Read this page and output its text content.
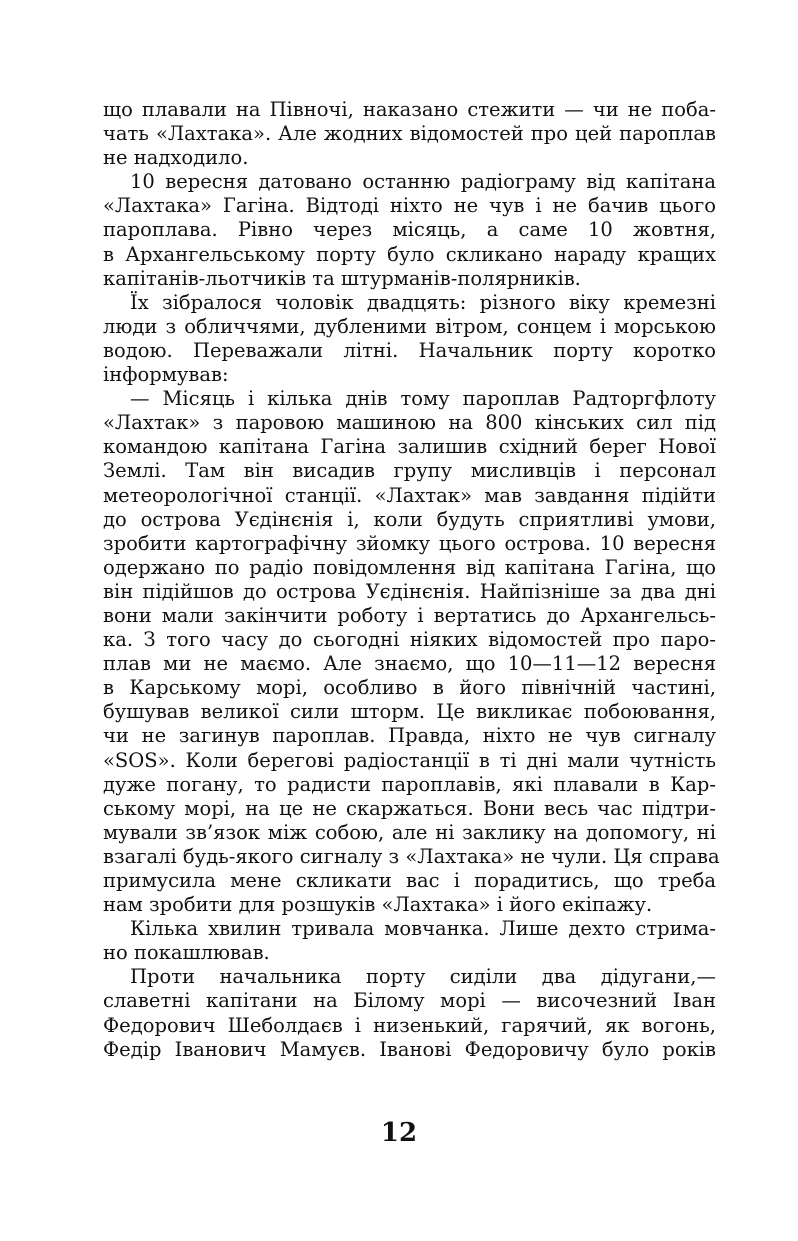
що плавали на Півночі, наказано стежити — чи не поба-
чать «Лахтака». Але жодних відомостей про цей пароплав
не надходило.
10 вересня датовано останню радіограму від капітана
«Лахтака» Гагіна. Відтоді ніхто не чув і не бачив цього
пароплава. Рівно через місяць, а саме 10 жовтня,
в Архангельському порту було скликано нараду кращих
капітанів-льотчиків та штурманів-полярників.
Їх зібралося чоловік двадцять: різного віку кремезні
люди з обличчями, дубленими вітром, сонцем і морською
водою. Переважали літні. Начальник порту коротко
інформував:
— Місяць і кілька днів тому пароплав Радторгфлоту
«Лахтак» з паровою машиною на 800 кінських сил під
командою капітана Гагіна залишив східний берег Нової
Землі. Там він висадив групу мисливців і персонал
метеорологічної станції. «Лахтак» мав завдання підійти
до острова Уєдінєнія і, коли будуть сприятливі умови,
зробити картографічну зйомку цього острова. 10 вересня
одержано по радіо повідомлення від капітана Гагіна, що
він підійшов до острова Уєдінєнія. Найпізніше за два дні
вони мали закінчити роботу і вертатись до Архангельсь-
ка. З того часу до сьогодні ніяких відомостей про паро-
плав ми не маємо. Але знаємо, що 10—11—12 вересня
в Карському морі, особливо в його північній частині,
бушував великої сили шторм. Це викликає побоювання,
чи не загинув пароплав. Правда, ніхто не чув сигналу
«SOS». Коли берегові радіостанції в ті дні мали чутність
дуже погану, то радисти пароплавів, які плавали в Кар-
ському морі, на це не скаржаться. Вони весь час підтри-
мували зв’язок між собою, але ні заклику на допомогу, ні
взагалі будь-якого сигналу з «Лахтака» не чули. Ця справа
примусила мене скликати вас і порадитись, що треба
нам зробити для розшуків «Лахтака» і його екіпажу.
Кілька хвилин тривала мовчанка. Лише дехто стрима-
но покашлював.
Проти начальника порту сиділи два дідугани,—
славетні капітани на Білому морі — височезний Іван
Федорович Шеболдаєв і низенький, гарячий, як вогонь,
Федір Іванович Мамуєв. Іванові Федоровичу було років
12
